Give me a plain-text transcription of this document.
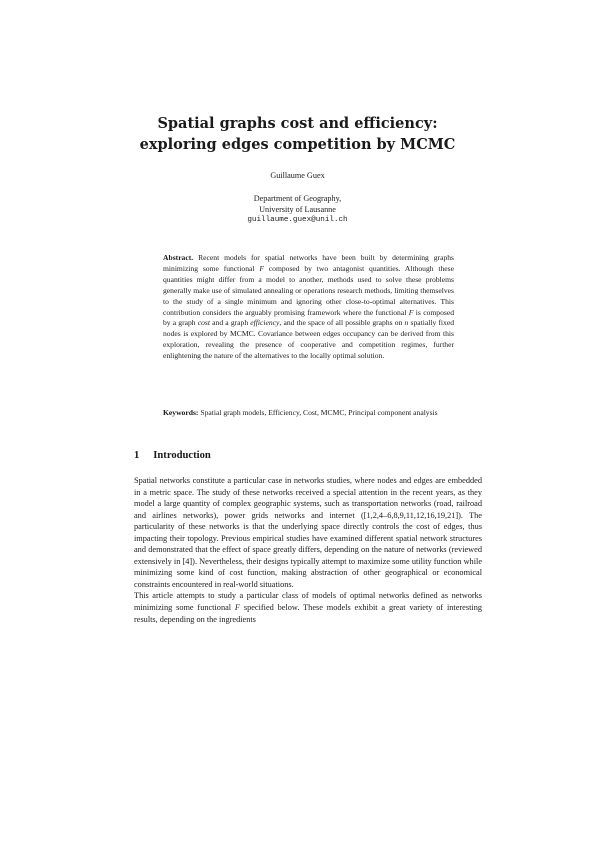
Spatial graphs cost and efficiency: exploring edges competition by MCMC
Guillaume Guex
Department of Geography,
University of Lausanne
guillaume.guex@unil.ch
Abstract. Recent models for spatial networks have been built by determining graphs minimizing some functional F composed by two antagonist quantities. Although these quantities might differ from a model to another, methods used to solve these problems generally make use of simulated annealing or operations research methods, limiting themselves to the study of a single minimum and ignoring other close-to-optimal alternatives. This contribution considers the arguably promising framework where the functional F is composed by a graph cost and a graph efficiency, and the space of all possible graphs on n spatially fixed nodes is explored by MCMC. Covariance between edges occupancy can be derived from this exploration, revealing the presence of cooperative and competition regimes, further enlightening the nature of the alternatives to the locally optimal solution.
Keywords: Spatial graph models, Efficiency, Cost, MCMC, Principal component analysis
1 Introduction

Spatial networks constitute a particular case in networks studies, where nodes and edges are embedded in a metric space. The study of these networks received a special attention in the recent years, as they model a large quantity of complex geographic systems, such as transportation networks (road, railroad and airlines networks), power grids networks and internet ([1,2,4–6,8,9,11,12,16,19,21]). The particularity of these networks is that the underlying space directly controls the cost of edges, thus impacting their topology. Previous empirical studies have examined different spatial network structures and demonstrated that the effect of space greatly differs, depending on the nature of networks (reviewed extensively in [4]). Nevertheless, their designs typically attempt to maximize some utility function while minimizing some kind of cost function, making abstraction of other geographical or economical constraints encountered in real-world situations.

This article attempts to study a particular class of models of optimal networks defined as networks minimizing some functional F specified below. These models exhibit a great variety of interesting results, depending on the ingredients
